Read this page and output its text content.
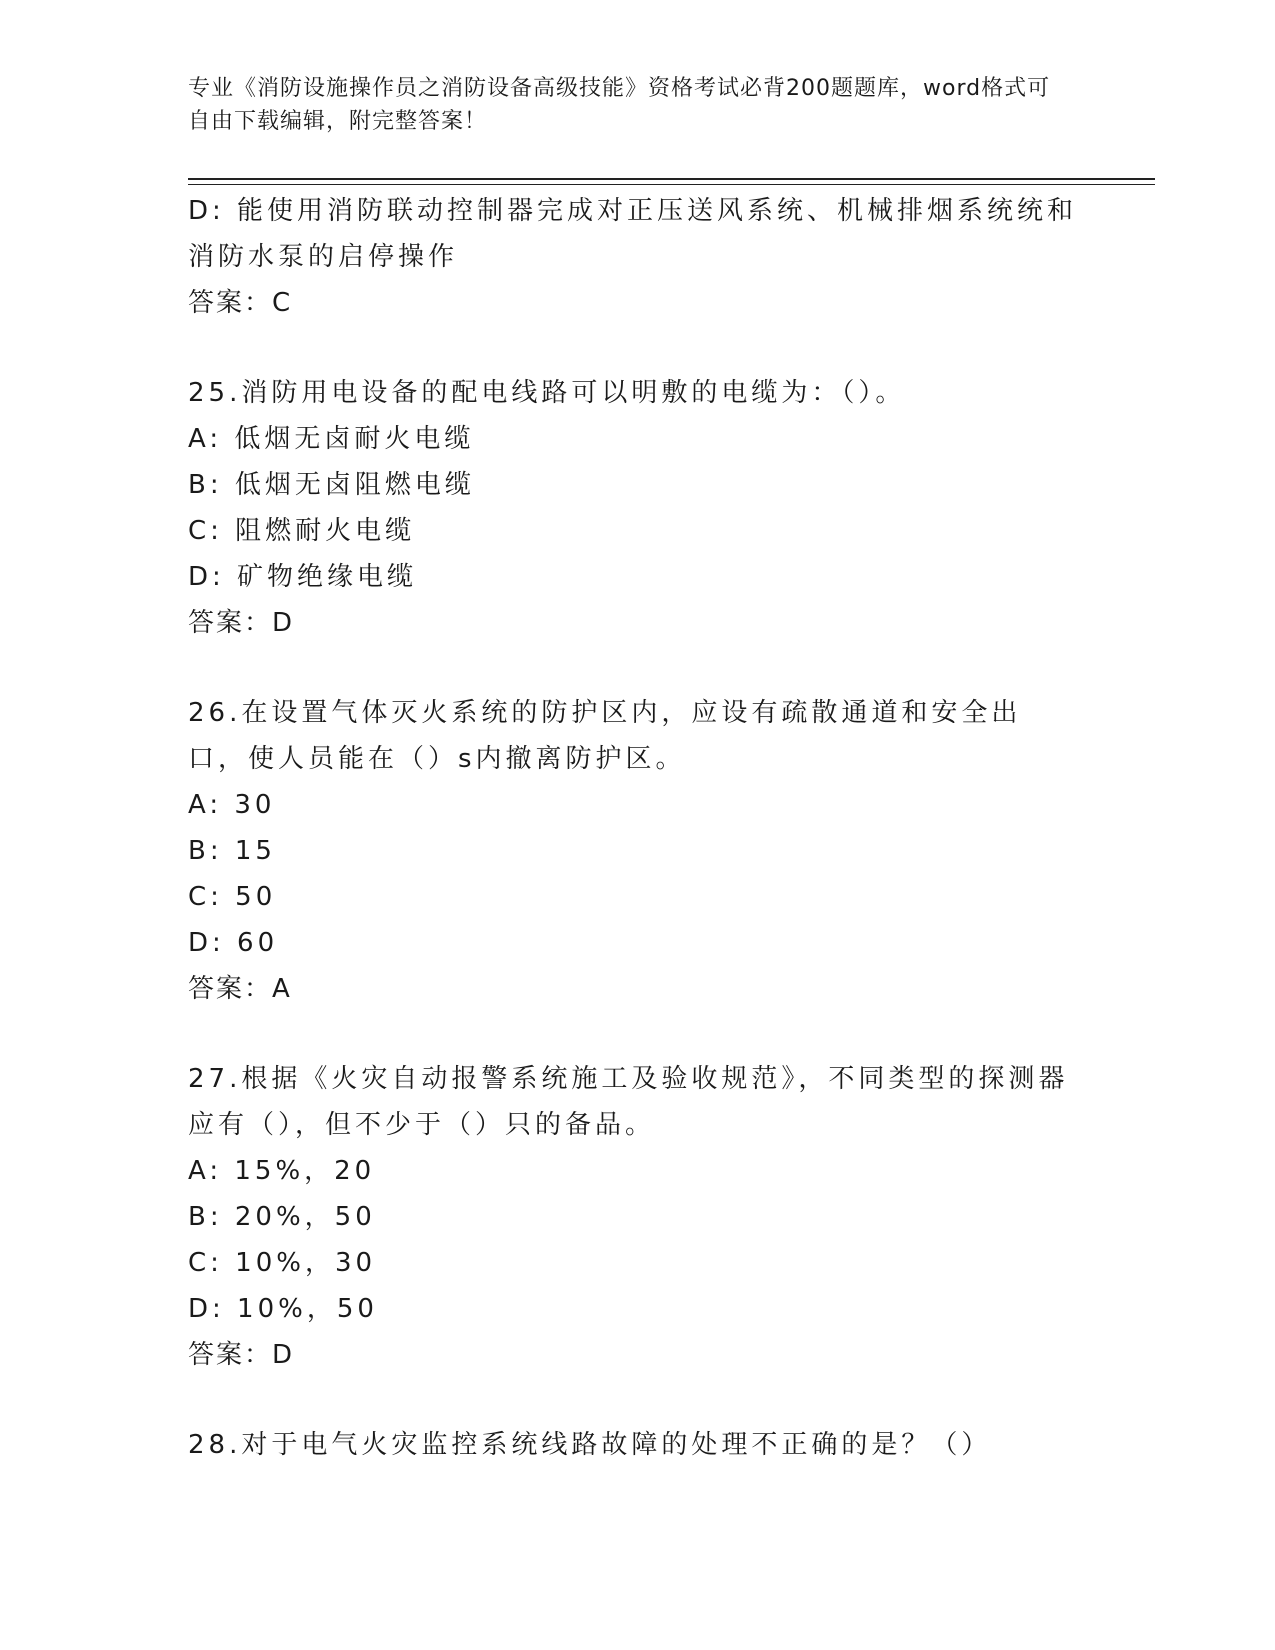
专业《消防设施操作员之消防设备高级技能》资格考试必背200题题库，word格式可自由下载编辑，附完整答案！
D: 能使用消防联动控制器完成对正压送风系统、机械排烟系统统和消防水泵的启停操作
答案：C
25.消防用电设备的配电线路可以明敷的电缆为：（）。
A: 低烟无卤耐火电缆
B: 低烟无卤阻燃电缆
C: 阻燃耐火电缆
D: 矿物绝缘电缆
答案：D
26.在设置气体灭火系统的防护区内，应设有疏散通道和安全出口，使人员能在（）s内撤离防护区。
A: 30
B: 15
C: 50
D: 60
答案：A
27.根据《火灾自动报警系统施工及验收规范》，不同类型的探测器应有（），但不少于（）只的备品。
A: 15%，20
B: 20%，50
C: 10%，30
D: 10%，50
答案：D
28.对于电气火灾监控系统线路故障的处理不正确的是？（）
